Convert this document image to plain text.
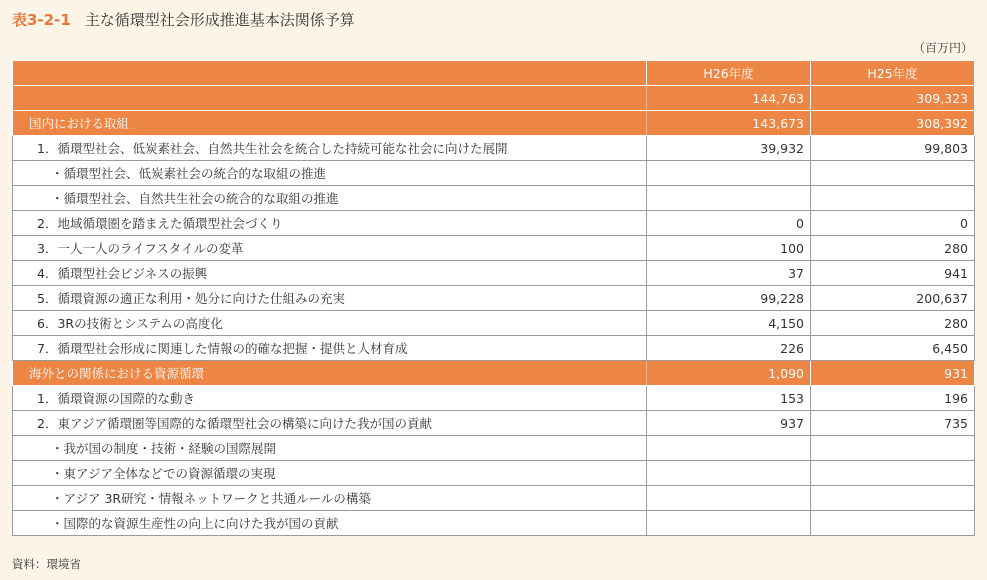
表3-2-1 主な循環型社会形成推進基本法関係予算
（百万円）
	H26年度	H25年度
	144,763	309,323
国内における取組	143,673	308,392
1．循環型社会、低炭素社会、自然共生社会を統合した持続可能な社会に向けた展開	39,932	99,803
・循環型社会、低炭素社会の統合的な取組の推進		
・循環型社会、自然共生社会の統合的な取組の推進		
2．地域循環圏を踏まえた循環型社会づくり	0	0
3．一人一人のライフスタイルの変革	100	280
4．循環型社会ビジネスの振興	37	941
5．循環資源の適正な利用・処分に向けた仕組みの充実	99,228	200,637
6．3Rの技術とシステムの高度化	4,150	280
7．循環型社会形成に関連した情報の的確な把握・提供と人材育成	226	6,450
海外との関係における資源循環	1,090	931
1．循環資源の国際的な動き	153	196
2．東アジア循環圏等国際的な循環型社会の構築に向けた我が国の貢献	937	735
・我が国の制度・技術・経験の国際展開		
・東アジア全体などでの資源循環の実現		
・アジア 3R研究・情報ネットワークと共通ルールの構築		
・国際的な資源生産性の向上に向けた我が国の貢献		
資料：環境省
